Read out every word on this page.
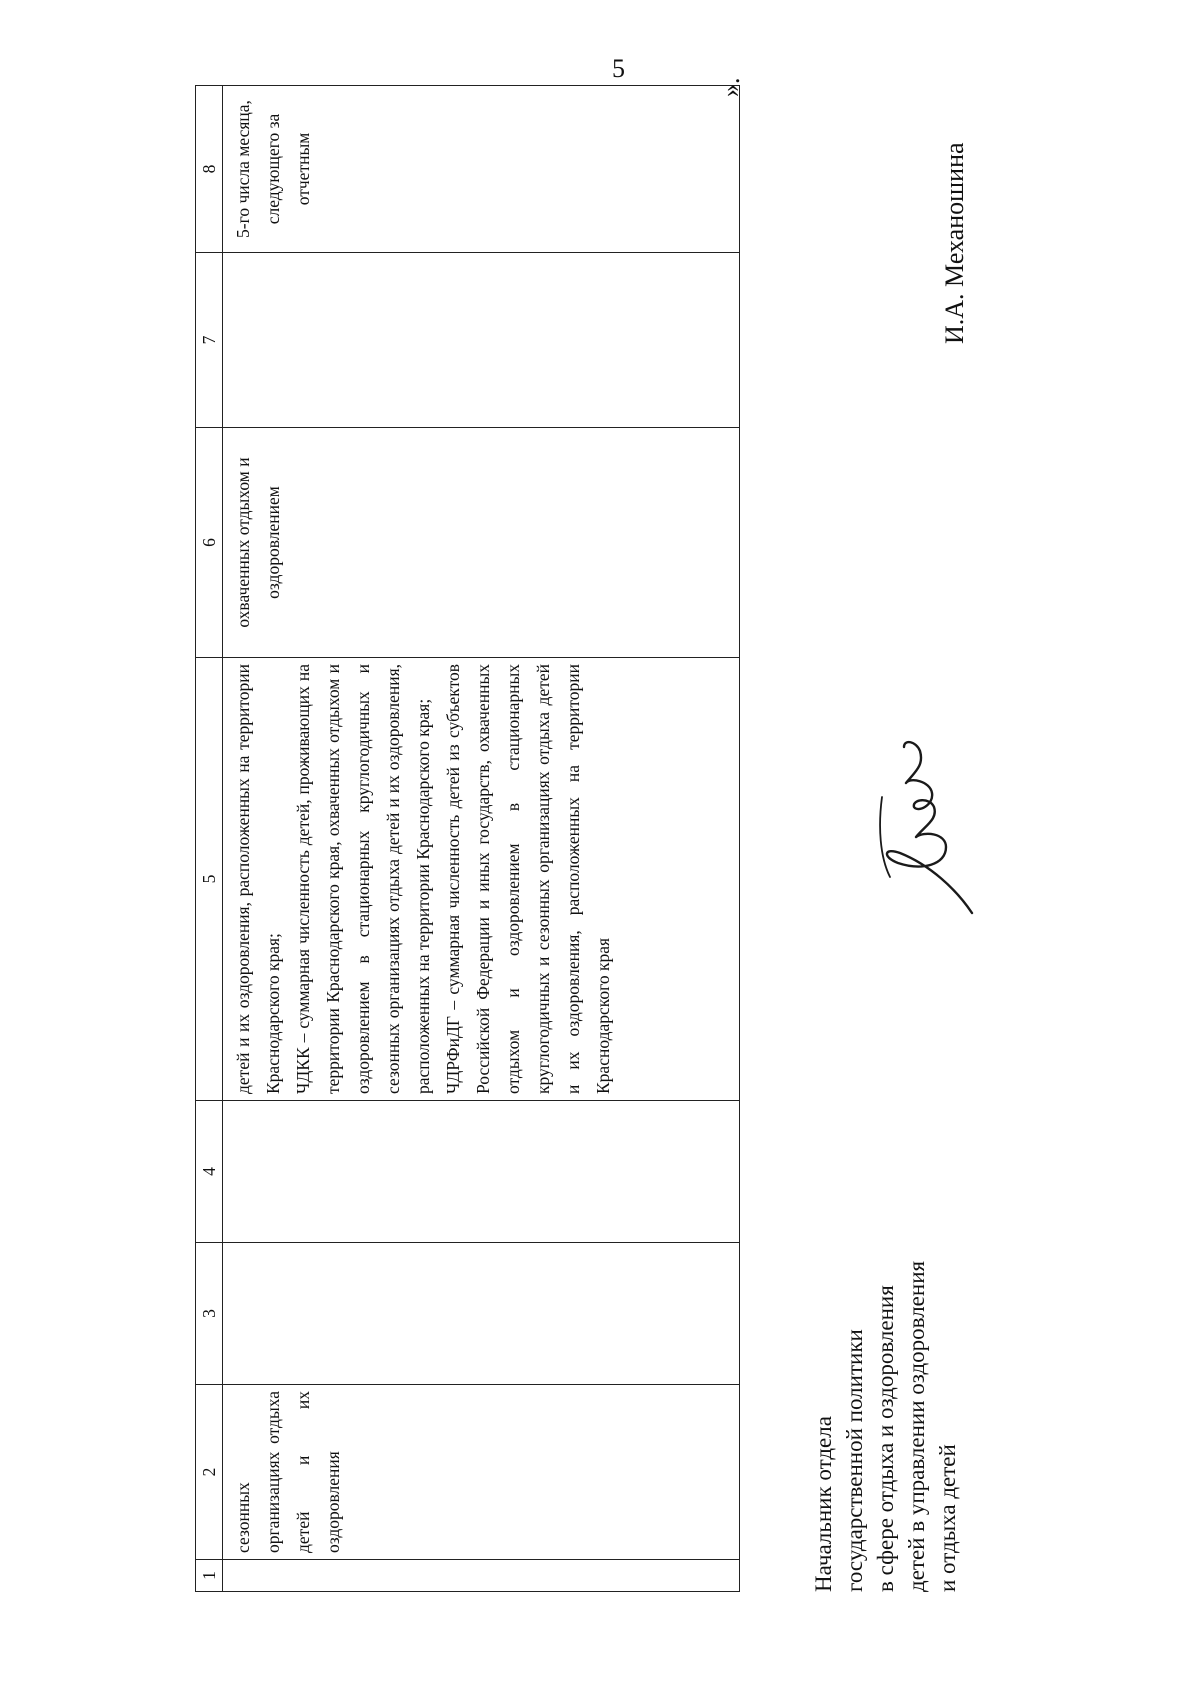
5
1	2	3	4	5	6	7	8
	сезонных организациях отдыха детей и их оздоровления			детей и их оздоровления, расположенных на территории Краснодарского края; ЧДКК – суммарная численность детей, проживающих на территории Краснодарского края, охваченных отдыхом и оздоровлением в стационарных круглогодичных и сезонных организациях отдыха детей и их оздоровления, расположенных на территории Краснодарского края; ЧДРФиДГ – суммарная численность детей из субъектов Российской Федерации и иных государств, охваченных отдыхом и оздоровлением в стационарных круглогодичных и сезонных организациях отдыха детей и их оздоровления, расположенных на территории Краснодарского края	охваченных отдыхом и оздоровлением		5-го числа месяца, следующего за отчетным
».
Начальник отдела государственной политики в сфере отдыха и оздоровления детей в управлении оздоровления и отдыха детей
И.А. Механошина
